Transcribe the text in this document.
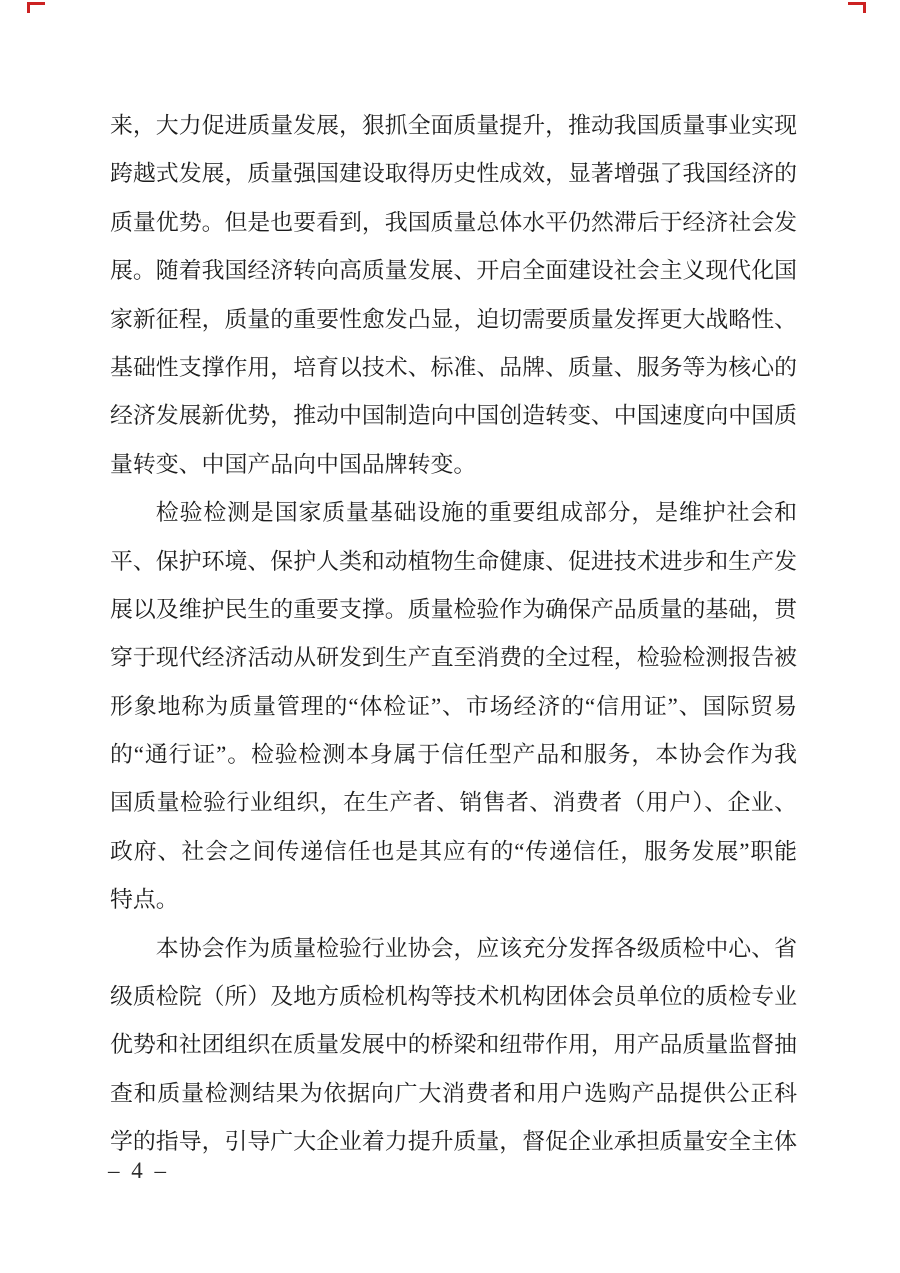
来，大力促进质量发展，狠抓全面质量提升，推动我国质量事业实现
跨越式发展，质量强国建设取得历史性成效，显著增强了我国经济的
质量优势。但是也要看到，我国质量总体水平仍然滞后于经济社会发
展。随着我国经济转向高质量发展、开启全面建设社会主义现代化国
家新征程，质量的重要性愈发凸显，迫切需要质量发挥更大战略性、
基础性支撑作用，培育以技术、标准、品牌、质量、服务等为核心的
经济发展新优势，推动中国制造向中国创造转变、中国速度向中国质
量转变、中国产品向中国品牌转变。
检验检测是国家质量基础设施的重要组成部分，是维护社会和
平、保护环境、保护人类和动植物生命健康、促进技术进步和生产发
展以及维护民生的重要支撑。质量检验作为确保产品质量的基础，贯
穿于现代经济活动从研发到生产直至消费的全过程，检验检测报告被
形象地称为质量管理的“体检证”、市场经济的“信用证”、国际贸易
的“通行证”。检验检测本身属于信任型产品和服务，本协会作为我
国质量检验行业组织，在生产者、销售者、消费者（用户）、企业、
政府、社会之间传递信任也是其应有的“传递信任，服务发展”职能
特点。
本协会作为质量检验行业协会，应该充分发挥各级质检中心、省
级质检院（所）及地方质检机构等技术机构团体会员单位的质检专业
优势和社团组织在质量发展中的桥梁和纽带作用，用产品质量监督抽
查和质量检测结果为依据向广大消费者和用户选购产品提供公正科
学的指导，引导广大企业着力提升质量，督促企业承担质量安全主体
– 4 –
